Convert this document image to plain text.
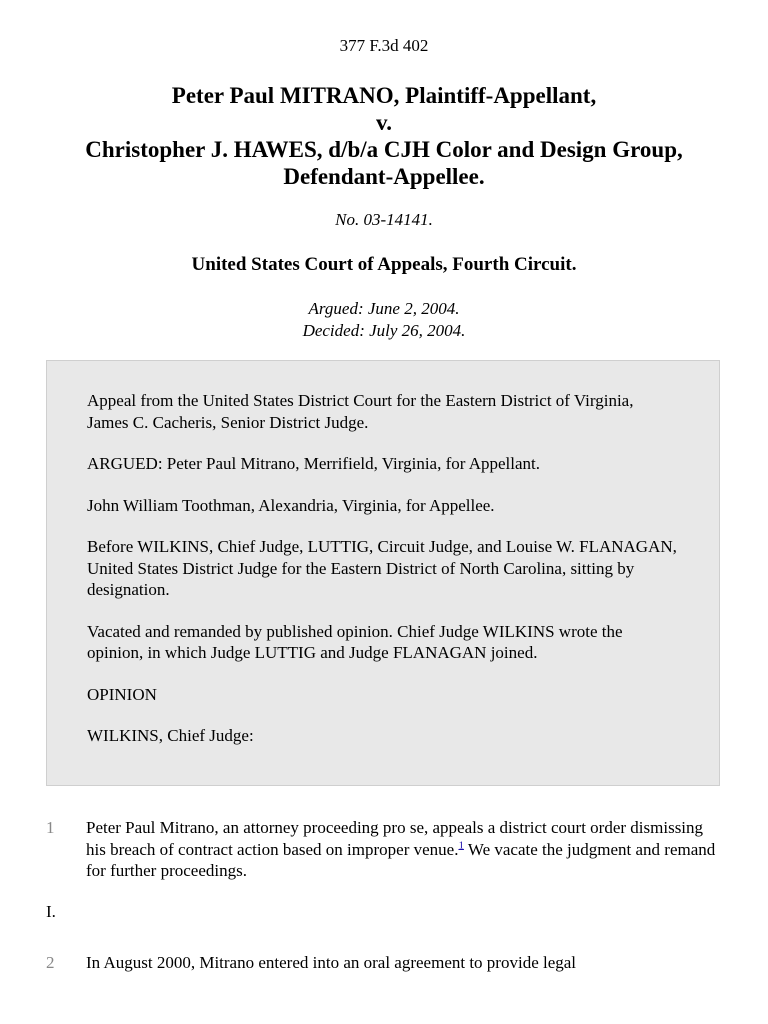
377 F.3d 402
Peter Paul MITRANO, Plaintiff-Appellant,
v.
Christopher J. HAWES, d/b/a CJH Color and Design Group,
Defendant-Appellee.
No. 03-14141.
United States Court of Appeals, Fourth Circuit.
Argued: June 2, 2004.
Decided: July 26, 2004.

Appeal from the United States District Court for the Eastern District of Virginia, James C. Cacheris, Senior District Judge.

ARGUED: Peter Paul Mitrano, Merrifield, Virginia, for Appellant.

John William Toothman, Alexandria, Virginia, for Appellee.

Before WILKINS, Chief Judge, LUTTIG, Circuit Judge, and Louise W. FLANAGAN, United States District Judge for the Eastern District of North Carolina, sitting by designation.

Vacated and remanded by published opinion. Chief Judge WILKINS wrote the opinion, in which Judge LUTTIG and Judge FLANAGAN joined.

OPINION

WILKINS, Chief Judge:

1 Peter Paul Mitrano, an attorney proceeding pro se, appeals a district court order dismissing his breach of contract action based on improper venue.$^1$ We vacate the judgment and remand for further proceedings.
I.
2 In August 2000, Mitrano entered into an oral agreement to provide legal
